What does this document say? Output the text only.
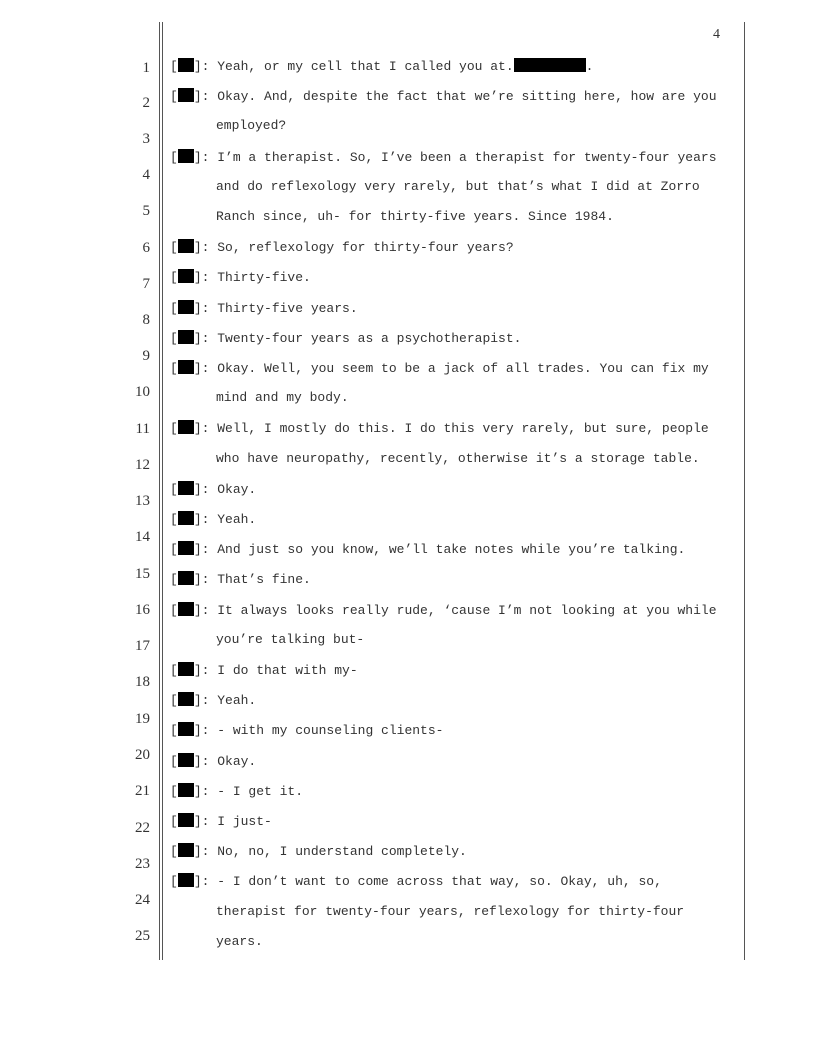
4
1
2
3
4
5
6
7
8
9
10
11
12
13
14
15
16
17
18
19
20
21
22
23
24
25
[ ]: Yeah, or my cell that I called you at.	.
[ ]: Okay. And, despite the fact that we’re sitting here, how are you
employed?
[ ]: I’m a therapist. So, I’ve been a therapist for twenty-four years
and do reflexology very rarely, but that’s what I did at Zorro
Ranch since, uh- for thirty-five years. Since 1984.
[ ]: So, reflexology for thirty-four years?
[ ]: Thirty-five.
[ ]: Thirty-five years.
[ ]: Twenty-four years as a psychotherapist.
[ ]: Okay. Well, you seem to be a jack of all trades. You can fix my
mind and my body.
[ ]: Well, I mostly do this. I do this very rarely, but sure, people
who have neuropathy, recently, otherwise it’s a storage table.
[ ]: Okay.
[ ]: Yeah.
[ ]: And just so you know, we’ll take notes while you’re talking.
[ ]: That’s fine.
[ ]: It always looks really rude, ‘cause I’m not looking at you while
you’re talking but-
[ ]: I do that with my-
[ ]: Yeah.
[ ]: - with my counseling clients-
[ ]: Okay.
[ ]: - I get it.
[ ]: I just-
[ ]: No, no, I understand completely.
[ ]: - I don’t want to come across that way, so. Okay, uh, so,
therapist for twenty-four years, reflexology for thirty-four
years.
